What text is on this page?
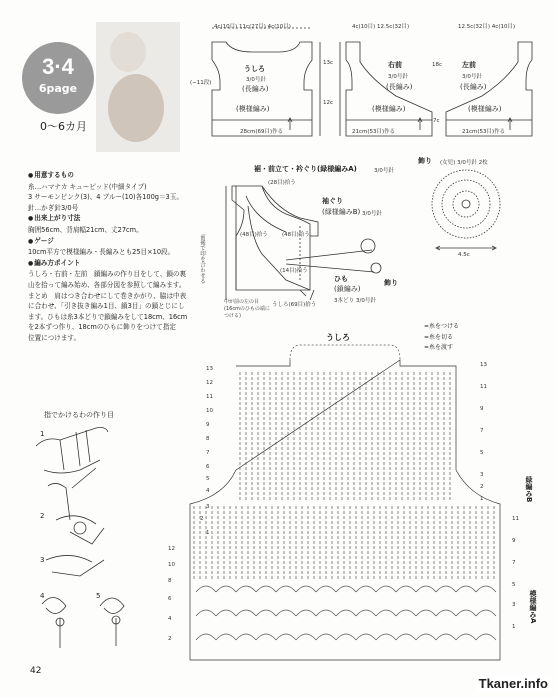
3·4
6page
0〜6カ月
● 用意するもの
糸…ハマナカ キューピッド(中細タイプ)
3 サーモンピンク(3)、4 ブルー(10)各100g＝3玉。
針…かぎ針3/0号
● 出来上がり寸法
胸囲56cm、背肩幅21cm、丈27cm。
● ゲージ
10cm平方で模様編み・長編みとも25目×10段。
● 編み方ポイント
うしろ・右前・左前　鎖編みの作り目をして、鎖の裏
山を拾って編み始め、各部分図を参照して編みます。
まとめ　肩はつき合わせにして巻きかがり、脇は中表
に合わせ、「引き抜き編み1目、鎖3目」の鎖とじにし
ます。ひもは糸3本どりで鎖編みをして18cm、16cm
を2本ずつ作り、18cmのひもに飾りをつけて指定
位置につけます。
4c(10目) 11c(27目) 4c(10目)
うしろ
3/0号針
(長編み)
(模様編み)
28cm(69目)作る
(−11段)
13c
12c
4c(10目) 12.5c(32目)
右前
3/0号針
(長編み)
(模様編み)
21cm(53目)作る
18c
7c
12.5c(32目) 4c(10目)
左前
3/0号針
(長編み)
(模様編み)
21cm(53目)作る
裾・前立て・衿ぐり(緑様編みA)	3/0号針
(28目)拾う
(48目)拾う	(48目)拾う
(14目)拾う
袖ぐり
(緑様編みB) 3/0号針
ひも
(鎖編み)
3本どり 3/0号針
飾り
中が前の左の目(16cmのひもの端につける)
うしろ(69目)拾う
前後で印を合わせる
飾り (女児) 3/0号針 2枚
4.5c
指でかけるわの作り目
1
2
3
4	5
うしろ
=糸をつける
=糸を切る
=糸を渡す
緑編みB
模様編みA
13
12
11
10
9
8
7
6
5
4
3
2
1
12
10
8
6
4
2
13
11
9
7
5
3
2
1
11
9
7
5
3
1
42
Tkaner.info
